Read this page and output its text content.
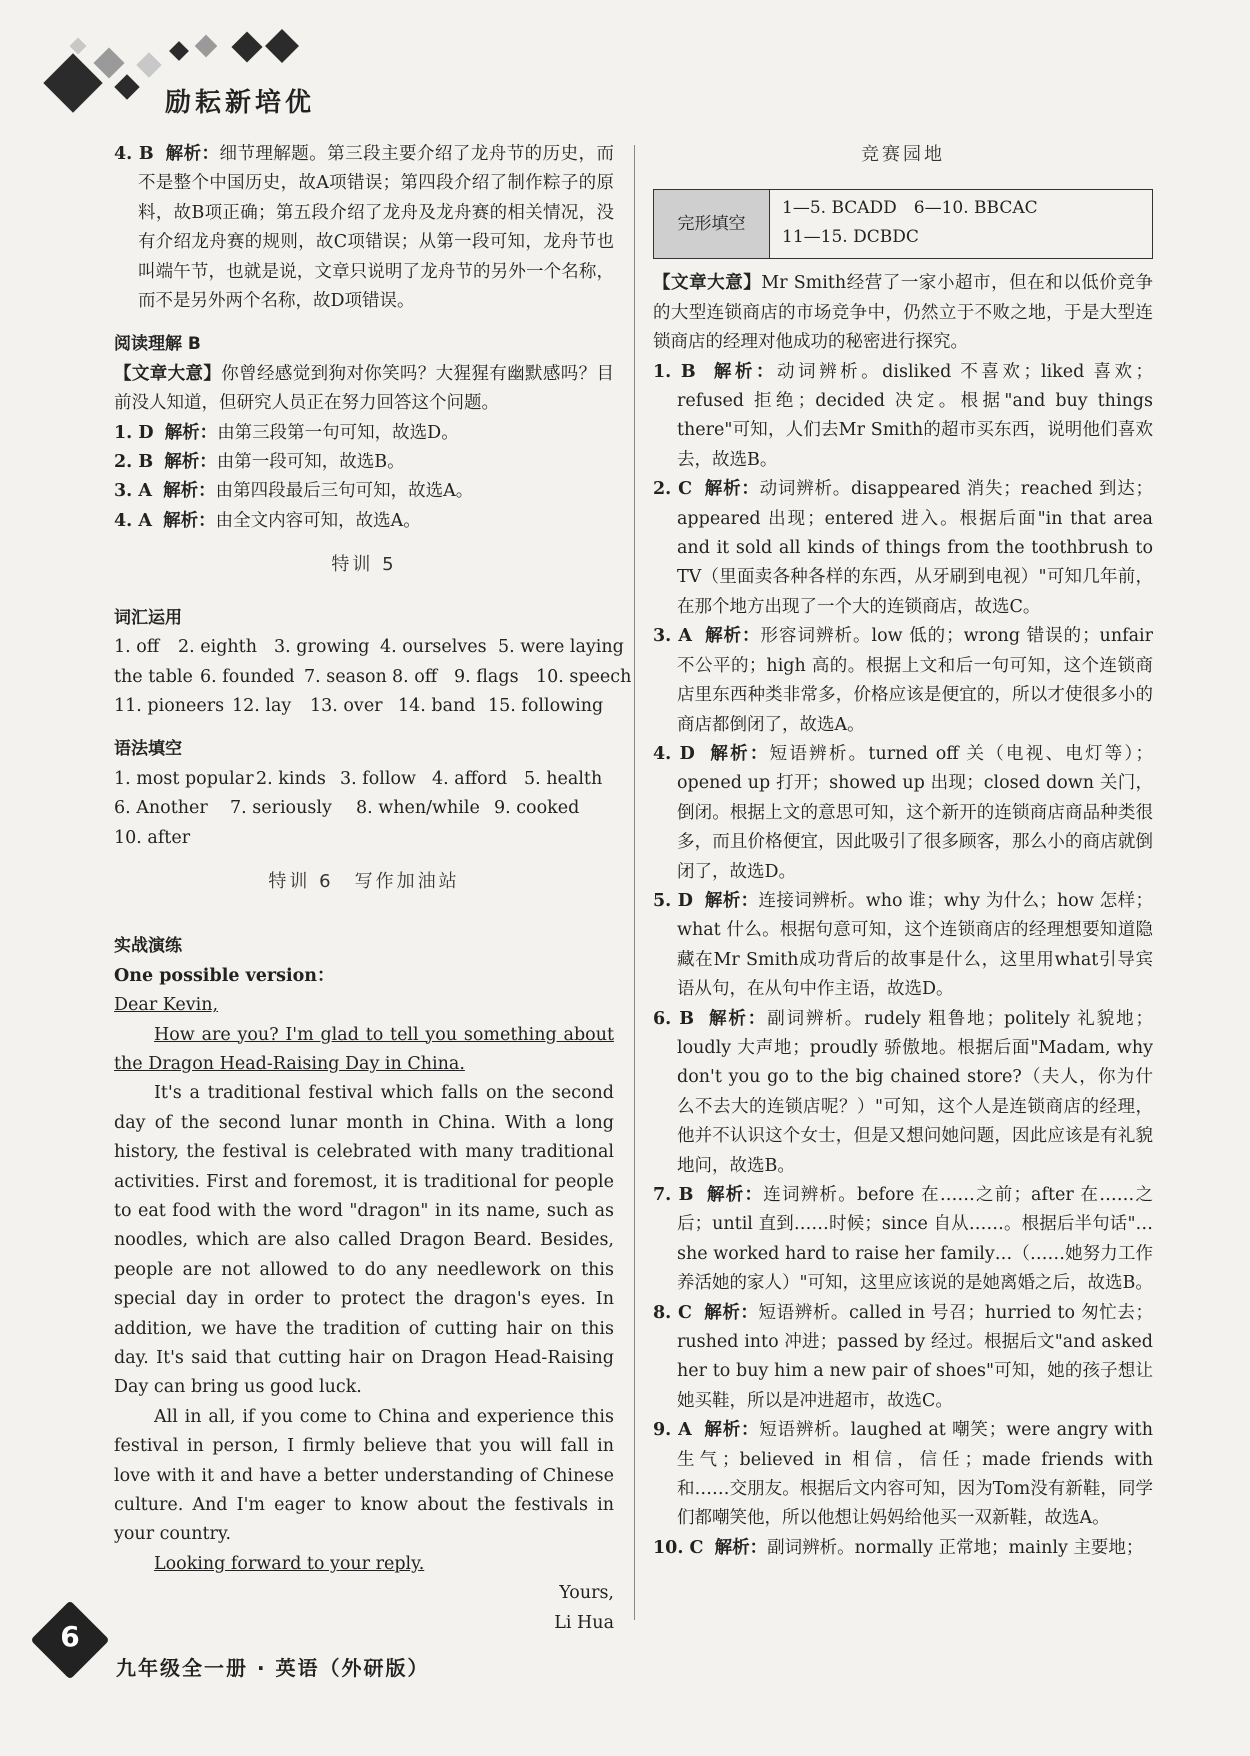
励耘新培优

4. B 解析：细节理解题。第三段主要介绍了龙舟节的历史，而不是整个中国历史，故A项错误；第四段介绍了制作粽子的原料，故B项正确；第五段介绍了龙舟及龙舟赛的相关情况，没有介绍龙舟赛的规则，故C项错误；从第一段可知，龙舟节也叫端午节，也就是说，文章只说明了龙舟节的另外一个名称，而不是另外两个名称，故D项错误。

阅读理解 B

【文章大意】你曾经感觉到狗对你笑吗？大猩猩有幽默感吗？目前没人知道，但研究人员正在努力回答这个问题。

1. D 解析：由第三段第一句可知，故选D。

2. B 解析：由第一段可知，故选B。

3. A 解析：由第四段最后三句可知，故选A。

4. A 解析：由全文内容可知，故选A。

特训 5

词汇运用

1. off 2. eighth 3. growing 4. ourselves 5. were laying

the table 6. founded 7. season 8. off 9. flags 10. speech

11. pioneers 12. lay 13. over 14. band 15. following

语法填空

1. most popular 2. kinds 3. follow 4. afford 5. health

6. Another 7. seriously 8. when/while 9. cooked

10. after

特训 6　写作加油站

实战演练

One possible version：

Dear Kevin,

How are you? I'm glad to tell you something about the Dragon Head-Raising Day in China.

It's a traditional festival which falls on the second day of the second lunar month in China. With a long history, the festival is celebrated with many traditional activities. First and foremost, it is traditional for people to eat food with the word "dragon" in its name, such as noodles, which are also called Dragon Beard. Besides, people are not allowed to do any needlework on this special day in order to protect the dragon's eyes. In addition, we have the tradition of cutting hair on this day. It's said that cutting hair on Dragon Head-Raising Day can bring us good luck.

All in all, if you come to China and experience this festival in person, I firmly believe that you will fall in love with it and have a better understanding of Chinese culture. And I'm eager to know about the festivals in your country.

Looking forward to your reply.

Yours,

Li Hua

竞赛园地

完形填空
1—5. BCADD　6—10. BBCAC
11—15. DCBDC

【文章大意】Mr Smith经营了一家小超市，但在和以低价竞争的大型连锁商店的市场竞争中，仍然立于不败之地，于是大型连锁商店的经理对他成功的秘密进行探究。

1. B 解析：动词辨析。disliked 不喜欢；liked 喜欢；refused 拒绝；decided 决定。根据"and buy things there"可知，人们去Mr Smith的超市买东西，说明他们喜欢去，故选B。

2. C 解析：动词辨析。disappeared 消失；reached 到达；appeared 出现；entered 进入。根据后面"in that area and it sold all kinds of things from the toothbrush to TV（里面卖各种各样的东西，从牙刷到电视）"可知几年前，在那个地方出现了一个大的连锁商店，故选C。

3. A 解析：形容词辨析。low 低的；wrong 错误的；unfair 不公平的；high 高的。根据上文和后一句可知，这个连锁商店里东西种类非常多，价格应该是便宜的，所以才使很多小的商店都倒闭了，故选A。

4. D 解析：短语辨析。turned off 关（电视、电灯等）；opened up 打开；showed up 出现；closed down 关门，倒闭。根据上文的意思可知，这个新开的连锁商店商品种类很多，而且价格便宜，因此吸引了很多顾客，那么小的商店就倒闭了，故选D。

5. D 解析：连接词辨析。who 谁；why 为什么；how 怎样；what 什么。根据句意可知，这个连锁商店的经理想要知道隐藏在Mr Smith成功背后的故事是什么，这里用what引导宾语从句，在从句中作主语，故选D。

6. B 解析：副词辨析。rudely 粗鲁地；politely 礼貌地；loudly 大声地；proudly 骄傲地。根据后面"Madam, why don't you go to the big chained store?（夫人，你为什么不去大的连锁店呢？）"可知，这个人是连锁商店的经理，他并不认识这个女士，但是又想问她问题，因此应该是有礼貌地问，故选B。

7. B 解析：连词辨析。before 在……之前；after 在……之后；until 直到……时候；since 自从……。根据后半句话"… she worked hard to raise her family…（……她努力工作养活她的家人）"可知，这里应该说的是她离婚之后，故选B。

8. C 解析：短语辨析。called in 号召；hurried to 匆忙去；rushed into 冲进；passed by 经过。根据后文"and asked her to buy him a new pair of shoes"可知，她的孩子想让她买鞋，所以是冲进超市，故选C。

9. A 解析：短语辨析。laughed at 嘲笑；were angry with 生气；believed in 相信，信任；made friends with 和……交朋友。根据后文内容可知，因为Tom没有新鞋，同学们都嘲笑他，所以他想让妈妈给他买一双新鞋，故选A。

10. C 解析：副词辨析。normally 正常地；mainly 主要地；

6
九年级全一册 · 英语（外研版）
